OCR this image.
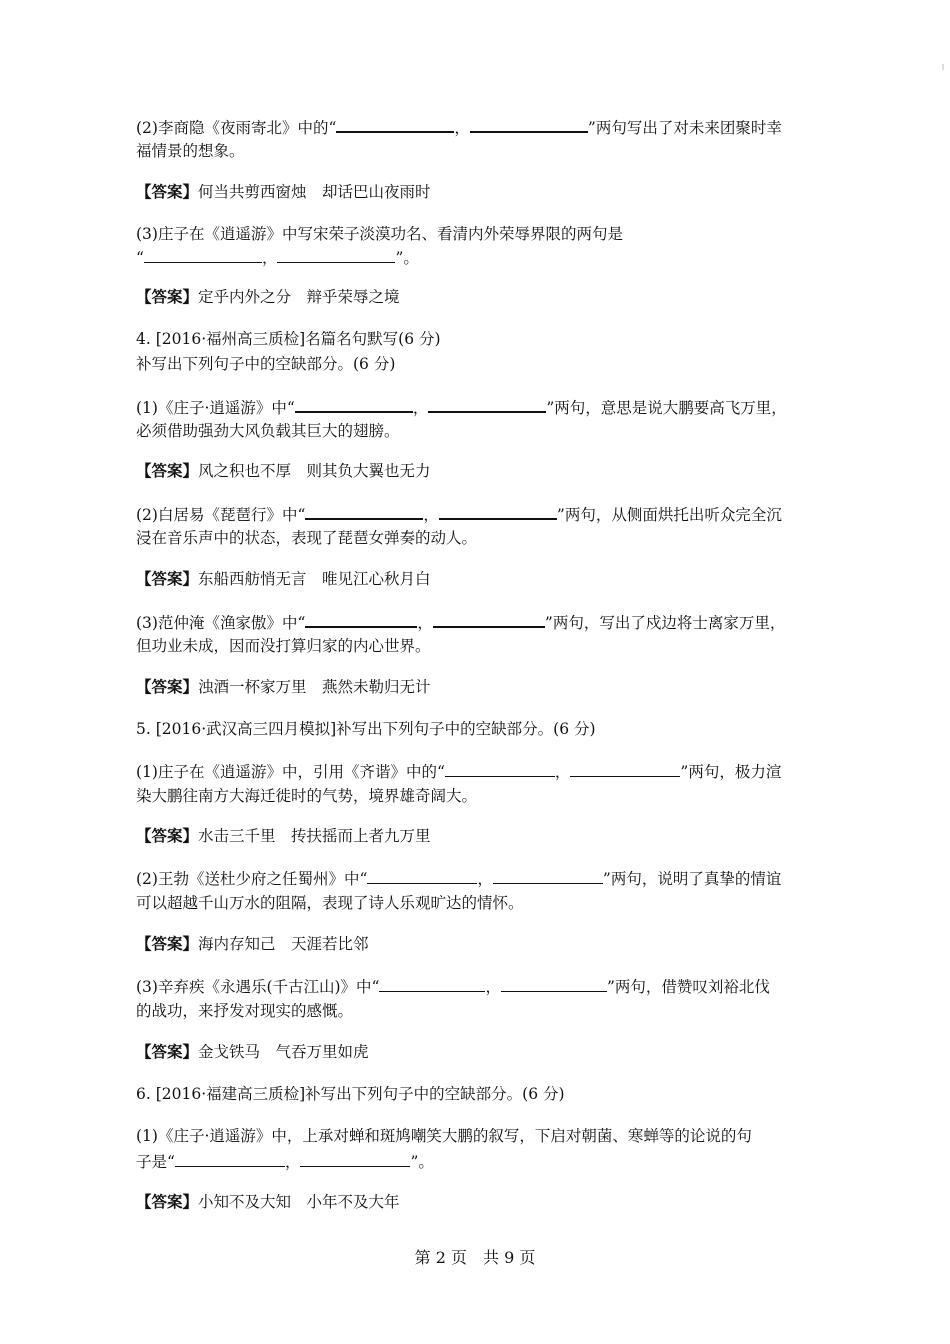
(2)李商隐《夜雨寄北》中的“	，	”两句写出了对未来团聚时幸
福情景的想象。
【答案】何当共剪西窗烛　却话巴山夜雨时
(3)庄子在《逍遥游》中写宋荣子淡漠功名、看清内外荣辱界限的两句是
“	，	”。
【答案】定乎内外之分　辩乎荣辱之境
4. [2016·福州高三质检]名篇名句默写(6 分)
补写出下列句子中的空缺部分。(6 分)
(1)《庄子·逍遥游》中“	，	”两句，意思是说大鹏要高飞万里，
必须借助强劲大风负载其巨大的翅膀。
【答案】风之积也不厚　则其负大翼也无力
(2)白居易《琵琶行》中“	，	”两句，从侧面烘托出听众完全沉
浸在音乐声中的状态，表现了琵琶女弹奏的动人。
【答案】东船西舫悄无言　唯见江心秋月白
(3)范仲淹《渔家傲》中“	，	”两句，写出了戍边将士离家万里，
但功业未成，因而没打算归家的内心世界。
【答案】浊酒一杯家万里　燕然未勒归无计
5. [2016·武汉高三四月模拟]补写出下列句子中的空缺部分。(6 分)
(1)庄子在《逍遥游》中，引用《齐谐》中的“	，	”两句，极力渲
染大鹏往南方大海迁徙时的气势，境界雄奇阔大。
【答案】水击三千里　抟扶摇而上者九万里
(2)王勃《送杜少府之任蜀州》中“	，	”两句，说明了真挚的情谊
可以超越千山万水的阻隔，表现了诗人乐观旷达的情怀。
【答案】海内存知己　天涯若比邻
(3)辛弃疾《永遇乐(千古江山)》中“	，	”两句，借赞叹刘裕北伐
的战功，来抒发对现实的感慨。
【答案】金戈铁马　气吞万里如虎
6. [2016·福建高三质检]补写出下列句子中的空缺部分。(6 分)
(1)《庄子·逍遥游》中，上承对蝉和斑鸠嘲笑大鹏的叙写，下启对朝菌、寒蝉等的论说的句
子是“	，	”。
【答案】小知不及大知　小年不及大年
第 2 页　共 9 页
